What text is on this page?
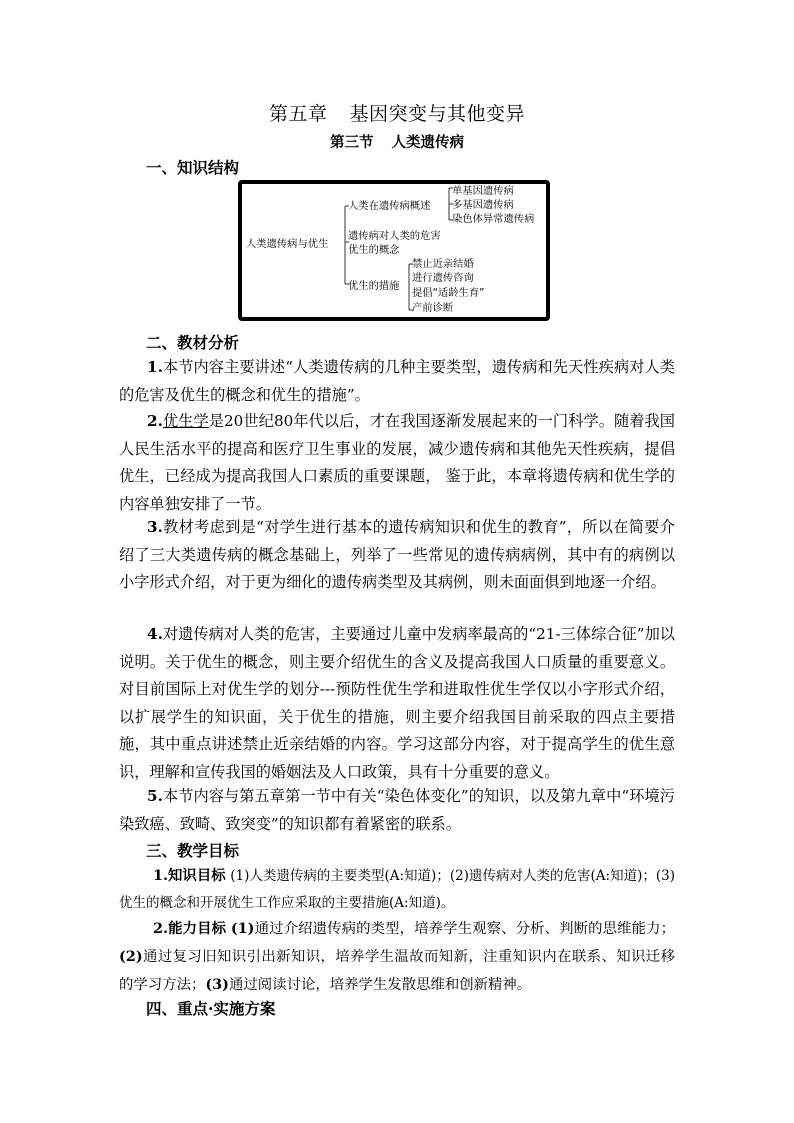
第五章 基因突变与其他变异
第三节 人类遗传病
一、知识结构
人类遗传病与优生
人类在遗传病概述
单基因遗传病
多基因遗传病
染色体异常遗传病
遗传病对人类的危害
优生的概念
优生的措施
禁止近亲结婚
进行遗传咨询
提倡“适龄生育”
产前诊断
二、教材分析
1.本节内容主要讲述“人类遗传病的几种主要类型，遗传病和先天性疾病对人类的危害及优生的概念和优生的措施”。
2.优生学是20世纪80年代以后，才在我国逐渐发展起来的一门科学。随着我国人民生活水平的提高和医疗卫生事业的发展，减少遗传病和其他先天性疾病，提倡优生，已经成为提高我国人口素质的重要课题， 鉴于此，本章将遗传病和优生学的内容单独安排了一节。
3.教材考虑到是“对学生进行基本的遗传病知识和优生的教育”，所以在简要介绍了三大类遗传病的概念基础上，列举了一些常见的遗传病病例，其中有的病例以小字形式介绍，对于更为细化的遗传病类型及其病例，则未面面俱到地逐一介绍。
4.对遗传病对人类的危害，主要通过儿童中发病率最高的“21-三体综合征”加以说明。关于优生的概念，则主要介绍优生的含义及提高我国人口质量的重要意义。 对目前国际上对优生学的划分---预防性优生学和进取性优生学仅以小字形式介绍，以扩展学生的知识面，关于优生的措施，则主要介绍我国目前采取的四点主要措施，其中重点讲述禁止近亲结婚的内容。学习这部分内容，对于提高学生的优生意识，理解和宣传我国的婚姻法及人口政策，具有十分重要的意义。
5.本节内容与第五章第一节中有关“染色体变化”的知识，以及第九章中“环境污染致癌、致畸、致突变”的知识都有着紧密的联系。
三、教学目标
1.知识目标 (1)人类遗传病的主要类型(A:知道)；(2)遗传病对人类的危害(A:知道)；(3)优生的概念和开展优生工作应采取的主要措施(A:知道)。
2.能力目标 (1)通过介绍遗传病的类型，培养学生观察、分析、判断的思维能力；(2)通过复习旧知识引出新知识，培养学生温故而知新，注重知识内在联系、知识迁移的学习方法；(3)通过阅读讨论，培养学生发散思维和创新精神。
四、重点·实施方案
